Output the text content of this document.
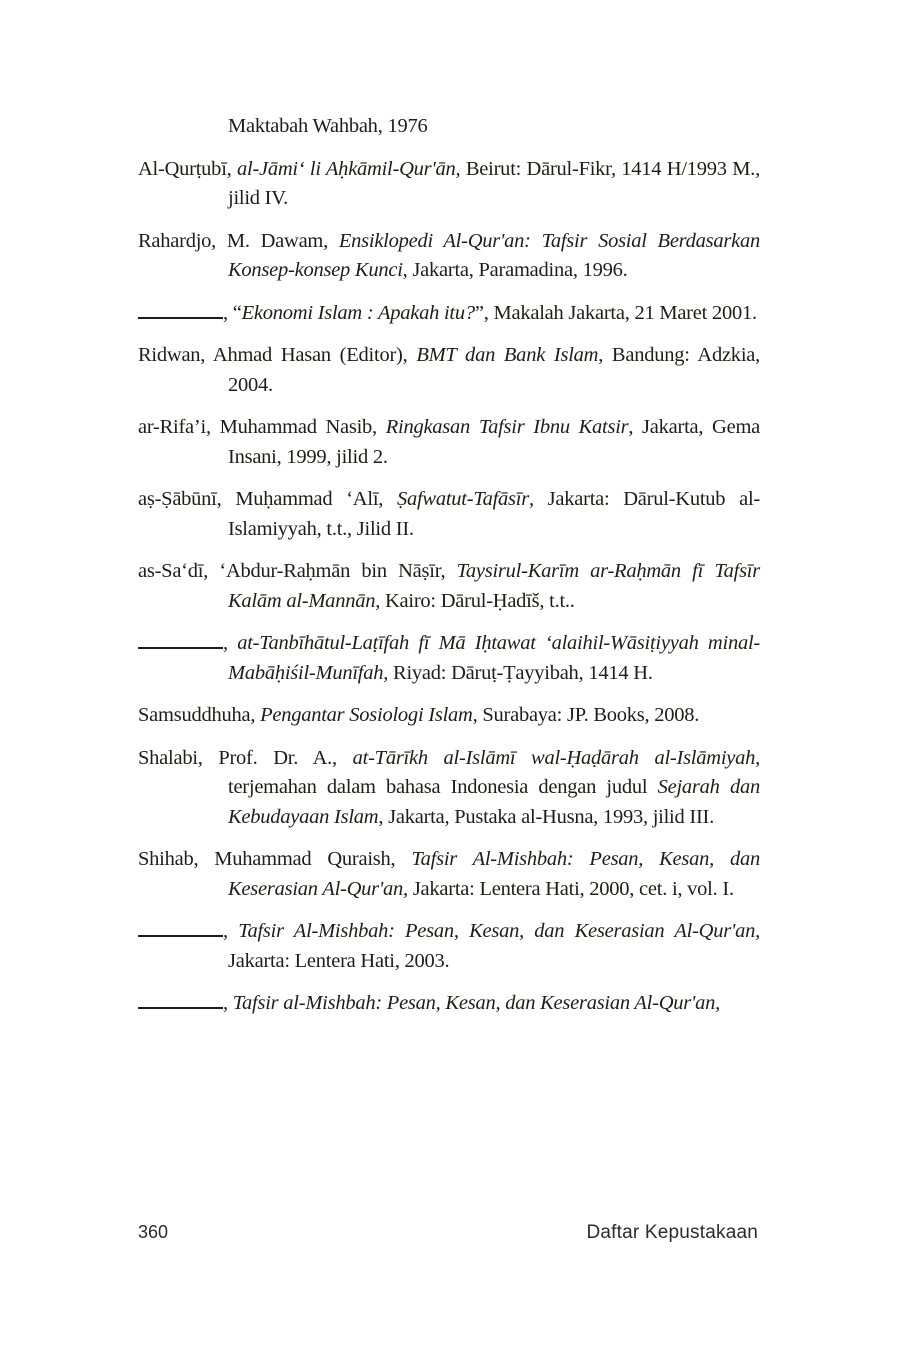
Maktabah Wahbah, 1976
Al-Qurṭubī, al-Jāmi‘ li Aḥkāmil-Qur'ān, Beirut: Dārul-Fikr, 1414 H/1993 M., jilid IV.
Rahardjo, M. Dawam, Ensiklopedi Al-Qur'an: Tafsir Sosial Berdasarkan Konsep-konsep Kunci, Jakarta, Paramadina, 1996.
, “Ekonomi Islam : Apakah itu?”, Makalah Jakarta, 21 Maret 2001.
Ridwan, Ahmad Hasan (Editor), BMT dan Bank Islam, Bandung: Adzkia, 2004.
ar-Rifa’i, Muhammad Nasib, Ringkasan Tafsir Ibnu Katsir, Jakarta, Gema Insani, 1999, jilid 2.
aṣ-Ṣābūnī, Muḥammad ‘Alī, Ṣafwatut-Tafāsīr, Jakarta: Dārul-Kutub al-Islamiyyah, t.t., Jilid II.
as-Sa‘dī, ‘Abdur-Raḥmān bin Nāṣīr, Taysirul-Karīm ar-Raḥmān fī Tafsīr Kalām al-Mannān, Kairo: Dārul-Ḥadīš, t.t..
, at-Tanbīhātul-Laṭīfah fī Mā Iḥtawat ‘alaihil-Wāsiṭiyyah minal-Mabāḥiśil-Munīfah, Riyad: Dāruṭ-Ṭayyibah, 1414 H.
Samsuddhuha, Pengantar Sosiologi Islam, Surabaya: JP. Books, 2008.
Shalabi, Prof. Dr. A., at-Tārīkh al-Islāmī wal-Ḥaḍārah al-Islāmiyah, terjemahan dalam bahasa Indonesia dengan judul Sejarah dan Kebudayaan Islam, Jakarta, Pustaka al-Husna, 1993, jilid III.
Shihab, Muhammad Quraish, Tafsir Al-Mishbah: Pesan, Kesan, dan Keserasian Al-Qur'an, Jakarta: Lentera Hati, 2000, cet. i, vol. I.
, Tafsir Al-Mishbah: Pesan, Kesan, dan Keserasian Al-Qur'an, Jakarta: Lentera Hati, 2003.
, Tafsir al-Mishbah: Pesan, Kesan, dan Keserasian Al-Qur'an,
360	Daftar Kepustakaan
